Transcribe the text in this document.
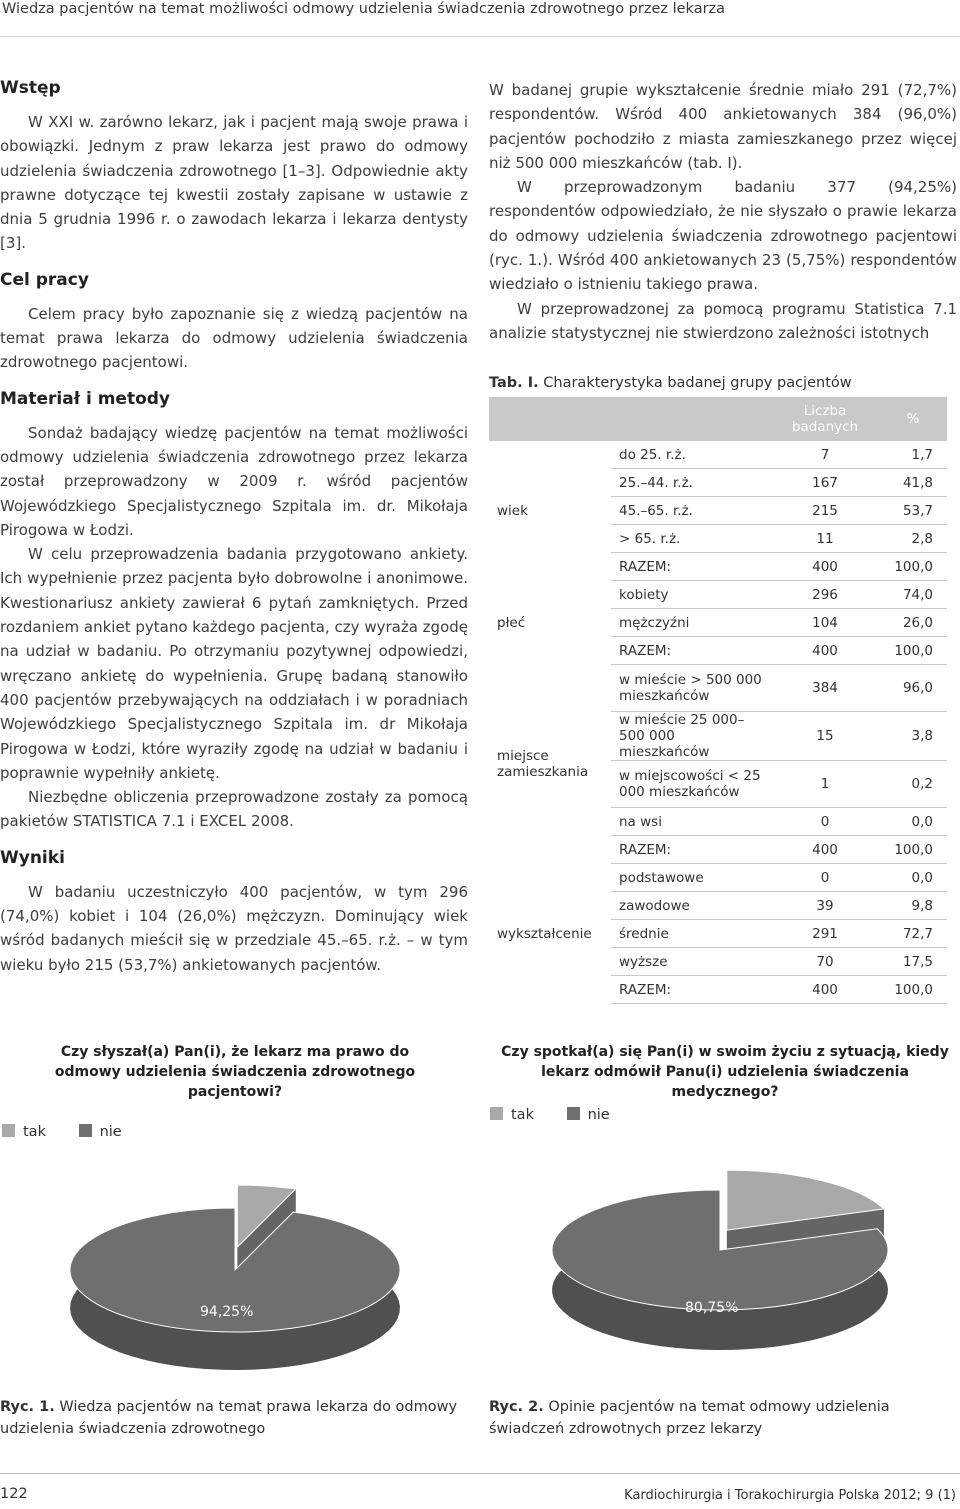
Wiedza pacjentów na temat możliwości odmowy udzielenia świadczenia zdrowotnego przez lekarza
Wstęp

W XXI w. zarówno lekarz, jak i pacjent mają swoje prawa i obowiązki. Jednym z praw lekarza jest prawo do odmowy udzielenia świadczenia zdrowotnego [1–3]. Odpowiednie akty prawne dotyczące tej kwestii zostały zapisane w ustawie z dnia 5 grudnia 1996 r. o zawodach lekarza i lekarza dentysty [3].

Cel pracy

Celem pracy było zapoznanie się z wiedzą pacjentów na temat prawa lekarza do odmowy udzielenia świadczenia zdrowotnego pacjentowi.

Materiał i metody

Sondaż badający wiedzę pacjentów na temat możliwości odmowy udzielenia świadczenia zdrowotnego przez lekarza został przeprowadzony w 2009 r. wśród pacjentów Wojewódzkiego Specjalistycznego Szpitala im. dr. Mikołaja Pirogowa w Łodzi.

W celu przeprowadzenia badania przygotowano ankiety. Ich wypełnienie przez pacjenta było dobrowolne i anonimowe. Kwestionariusz ankiety zawierał 6 pytań zamkniętych. Przed rozdaniem ankiet pytano każdego pacjenta, czy wyraża zgodę na udział w badaniu. Po otrzymaniu pozytywnej odpowiedzi, wręczano ankietę do wypełnienia. Grupę badaną stanowiło 400 pacjentów przebywających na oddziałach i w poradniach Wojewódzkiego Specjalistycznego Szpitala im. dr Mikołaja Pirogowa w Łodzi, które wyraziły zgodę na udział w badaniu i poprawnie wypełniły ankietę.

Niezbędne obliczenia przeprowadzone zostały za pomocą pakietów STATISTICA 7.1 i EXCEL 2008.

Wyniki

W badaniu uczestniczyło 400 pacjentów, w tym 296 (74,0%) kobiet i 104 (26,0%) mężczyzn. Dominujący wiek wśród badanych mieścił się w przedziale 45.–65. r.ż. – w tym wieku było 215 (53,7%) ankietowanych pacjentów.

W badanej grupie wykształcenie średnie miało 291 (72,7%) respondentów. Wśród 400 ankietowanych 384 (96,0%) pacjentów pochodziło z miasta zamieszkanego przez więcej niż 500 000 mieszkańców (tab. I).

W przeprowadzonym badaniu 377 (94,25%) respondentów odpowiedziało, że nie słyszało o prawie lekarza do odmowy udzielenia świadczenia zdrowotnego pacjentowi (ryc. 1.). Wśród 400 ankietowanych 23 (5,75%) respondentów wiedziało o istnieniu takiego prawa.

W przeprowadzonej za pomocą programu Statistica 7.1 analizie statystycznej nie stwierdzono zależności istotnych

Tab. I. Charakterystyka badanej grupy pacjentów
		Liczba badanych	%
wiek	do 25. r.ż.	7	1,7
	25.–44. r.ż.	167	41,8
	45.–65. r.ż.	215	53,7
	> 65. r.ż.	11	2,8
	RAZEM:	400	100,0
płeć	kobiety	296	74,0
	mężczyźni	104	26,0
	RAZEM:	400	100,0
miejsce zamieszkania	w mieście > 500 000 mieszkańców	384	96,0
	w mieście 25 000–500 000 mieszkańców	15	3,8
	w miejscowości < 25 000 mieszkańców	1	0,2
	na wsi	0	0,0
	RAZEM:	400	100,0
wykształcenie	podstawowe	0	0,0
	zawodowe	39	9,8
	średnie	291	72,7
	wyższe	70	17,5
	RAZEM:	400	100,0
Czy słyszał(a) Pan(i), że lekarz ma prawo do odmowy udzielenia świadczenia zdrowotnego pacjentowi?
tak	nie
5,75%
94,25%
Czy spotkał(a) się Pan(i) w swoim życiu z sytuacją, kiedy lekarz odmówił Panu(i) udzielenia świadczenia medycznego?
tak	nie
19,25%
80,75%
Ryc. 1. Wiedza pacjentów na temat prawa lekarza do odmowy udzielenia świadczenia zdrowotnego
Ryc. 2. Opinie pacjentów na temat odmowy udzielenia świadczeń zdrowotnych przez lekarzy
122	Kardiochirurgia i Torakochirurgia Polska 2012; 9 (1)
